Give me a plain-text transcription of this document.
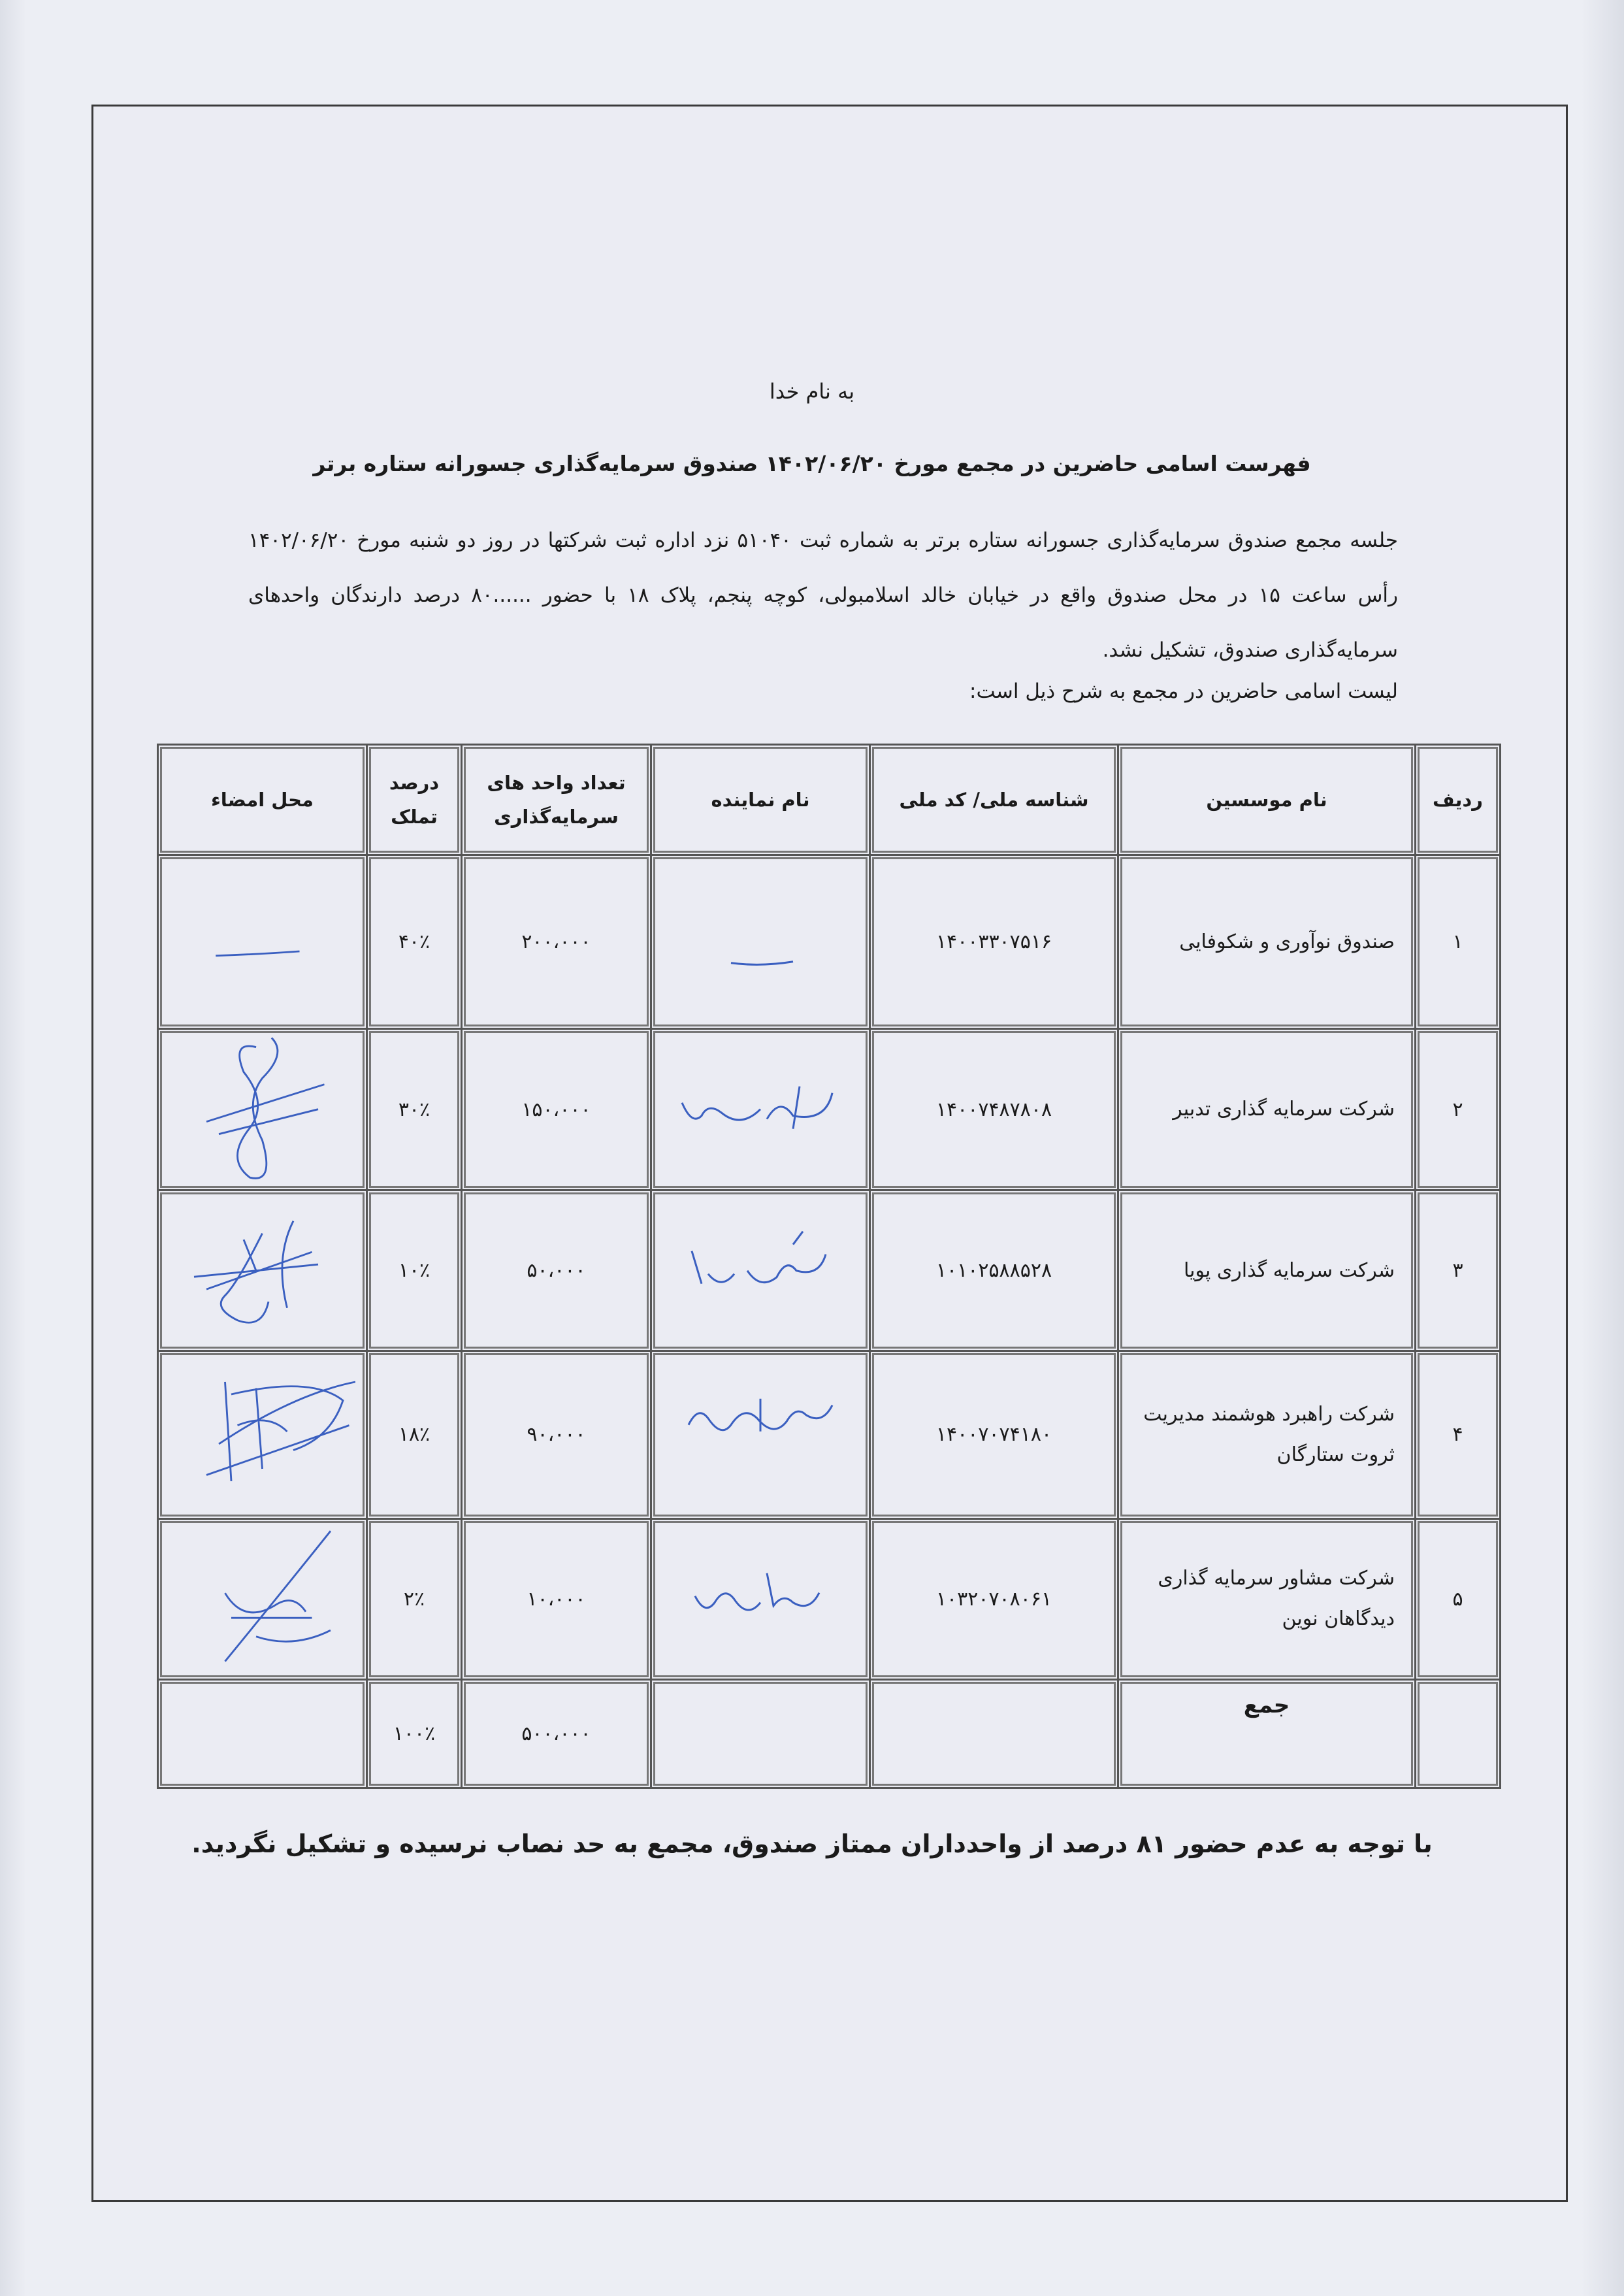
به نام خدا
فهرست اسامی حاضرین در مجمع مورخ ۱۴۰۲/۰۶/۲۰ صندوق سرمایه‌گذاری جسورانه ستاره برتر
جلسه مجمع صندوق سرمایه‌گذاری جسورانه ستاره برتر به شماره ثبت ۵۱۰۴۰ نزد اداره ثبت شرکتها در روز دو شنبه مورخ ۱۴۰۲/۰۶/۲۰ رأس ساعت ۱۵ در محل صندوق واقع در خیابان خالد اسلامبولی، کوچه پنجم، پلاک ۱۸ با حضور ......۸۰ درصد دارندگان واحدهای سرمایه‌گذاری صندوق، تشکیل نشد.
لیست اسامی حاضرین در مجمع به شرح ذیل است:
ردیف	نام موسسین	شناسه ملی/ کد ملی	نام نماینده	تعداد واحد های سرمایه‌گذاری	درصد تملک	محل امضاء
۱	صندوق نوآوری و شکوفایی	۱۴۰۰۳۳۰۷۵۱۶		۲۰۰،۰۰۰	۴۰٪	

۲	شرکت سرمایه گذاری تدبیر	۱۴۰۰۷۴۸۷۸۰۸		۱۵۰،۰۰۰	۳۰٪	

۳	شرکت سرمایه گذاری پویا	۱۰۱۰۲۵۸۸۵۲۸		۵۰،۰۰۰	۱۰٪	

۴	شرکت راهبرد هوشمند مدیریت ثروت ستارگان	۱۴۰۰۷۰۷۴۱۸۰		۹۰،۰۰۰	۱۸٪	

۵	شرکت مشاور سرمایه گذاری دیدگاهان نوین	۱۰۳۲۰۷۰۸۰۶۱		۱۰،۰۰۰	۲٪	

	جمع			۵۰۰،۰۰۰	۱۰۰٪	
با توجه به عدم حضور ۸۱ درصد از واحدداران ممتاز صندوق، مجمع به حد نصاب نرسیده و تشکیل نگردید.
